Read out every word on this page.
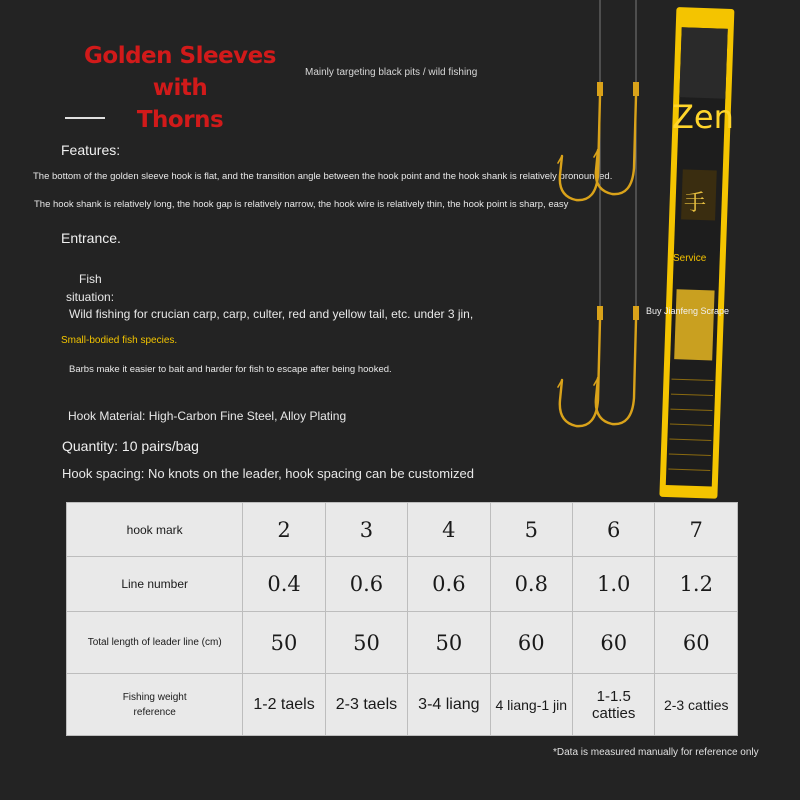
Golden Sleeves with
Thorns
Mainly targeting black pits / wild fishing
Features:
The bottom of the golden sleeve hook is flat, and the transition angle between the hook point and the hook shank is relatively pronounced.
The hook shank is relatively long, the hook gap is relatively narrow, the hook wire is relatively thin, the hook point is sharp, easy
Entrance.
Fish
situation:
Wild fishing for crucian carp, carp, culter, red and yellow tail, etc. under 3 jin,
Small-bodied fish species.
Barbs make it easier to bait and harder for fish to escape after being hooked.
Hook Material: High-Carbon Fine Steel, Alloy Plating
Quantity: 10 pairs/bag
Hook spacing: No knots on the leader, hook spacing can be customized
Zen
手
Service
Buy Jianfeng Scrape
hook mark	2	3	4	5	6	7
Line number	0.4	0.6	0.6	0.8	1.0	1.2
Total length of leader line (cm)	50	50	50	60	60	60

Fishing weight
reference	1-2 taels	2-3 taels	3-4 liang	4 liang-1 jin	1-1.5 catties	2-3 catties
*Data is measured manually for reference only
